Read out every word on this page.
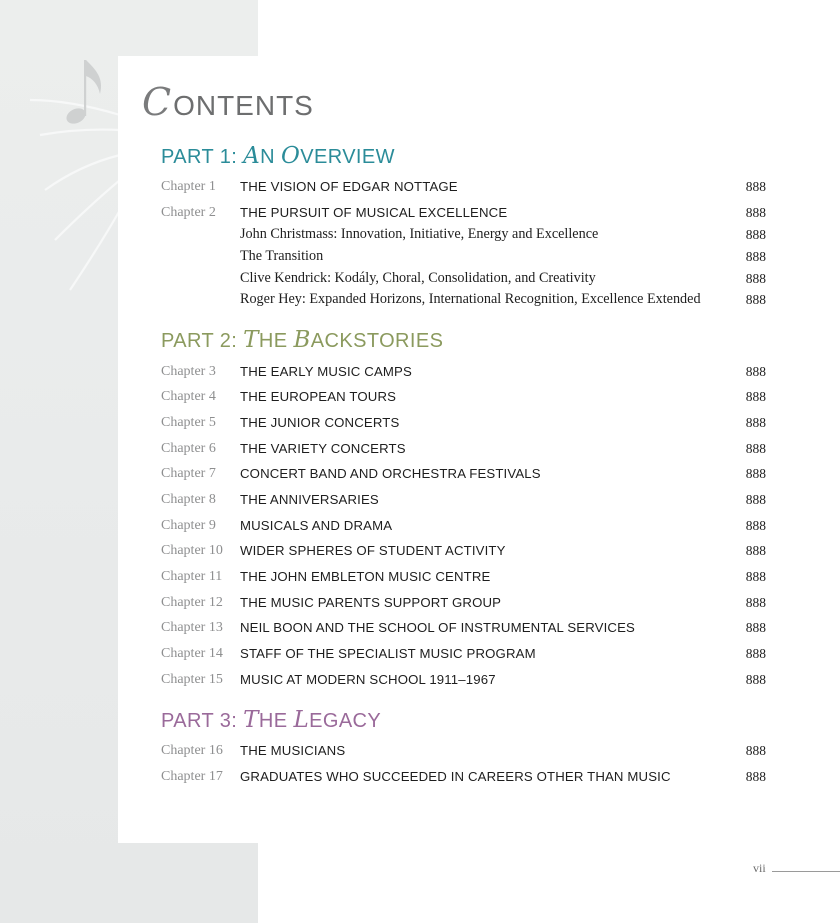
CONTENTS
PART 1: AN OVERVIEW
Chapter 1 THE VISION OF EDGAR NOTTAGE	888
Chapter 2 THE PURSUIT OF MUSICAL EXCELLENCE	888
John Christmass: Innovation, Initiative, Energy and Excellence	888
The Transition	888
Clive Kendrick: Kodály, Choral, Consolidation, and Creativity	888
Roger Hey: Expanded Horizons, International Recognition, Excellence Extended	888
PART 2: THE BACKSTORIES
Chapter 3 THE EARLY MUSIC CAMPS	888
Chapter 4 THE EUROPEAN TOURS	888
Chapter 5 THE JUNIOR CONCERTS	888
Chapter 6 THE VARIETY CONCERTS	888
Chapter 7 CONCERT BAND AND ORCHESTRA FESTIVALS	888
Chapter 8 THE ANNIVERSARIES	888
Chapter 9 MUSICALS AND DRAMA	888
Chapter 10 WIDER SPHERES OF STUDENT ACTIVITY	888
Chapter 11 THE JOHN EMBLETON MUSIC CENTRE	888
Chapter 12 THE MUSIC PARENTS SUPPORT GROUP	888
Chapter 13 NEIL BOON AND THE SCHOOL OF INSTRUMENTAL SERVICES	888
Chapter 14 STAFF OF THE SPECIALIST MUSIC PROGRAM	888
Chapter 15 MUSIC AT MODERN SCHOOL 1911–1967	888
PART 3: THE LEGACY
Chapter 16 THE MUSICIANS	888
Chapter 17 GRADUATES WHO SUCCEEDED IN CAREERS OTHER THAN MUSIC	888
vii
